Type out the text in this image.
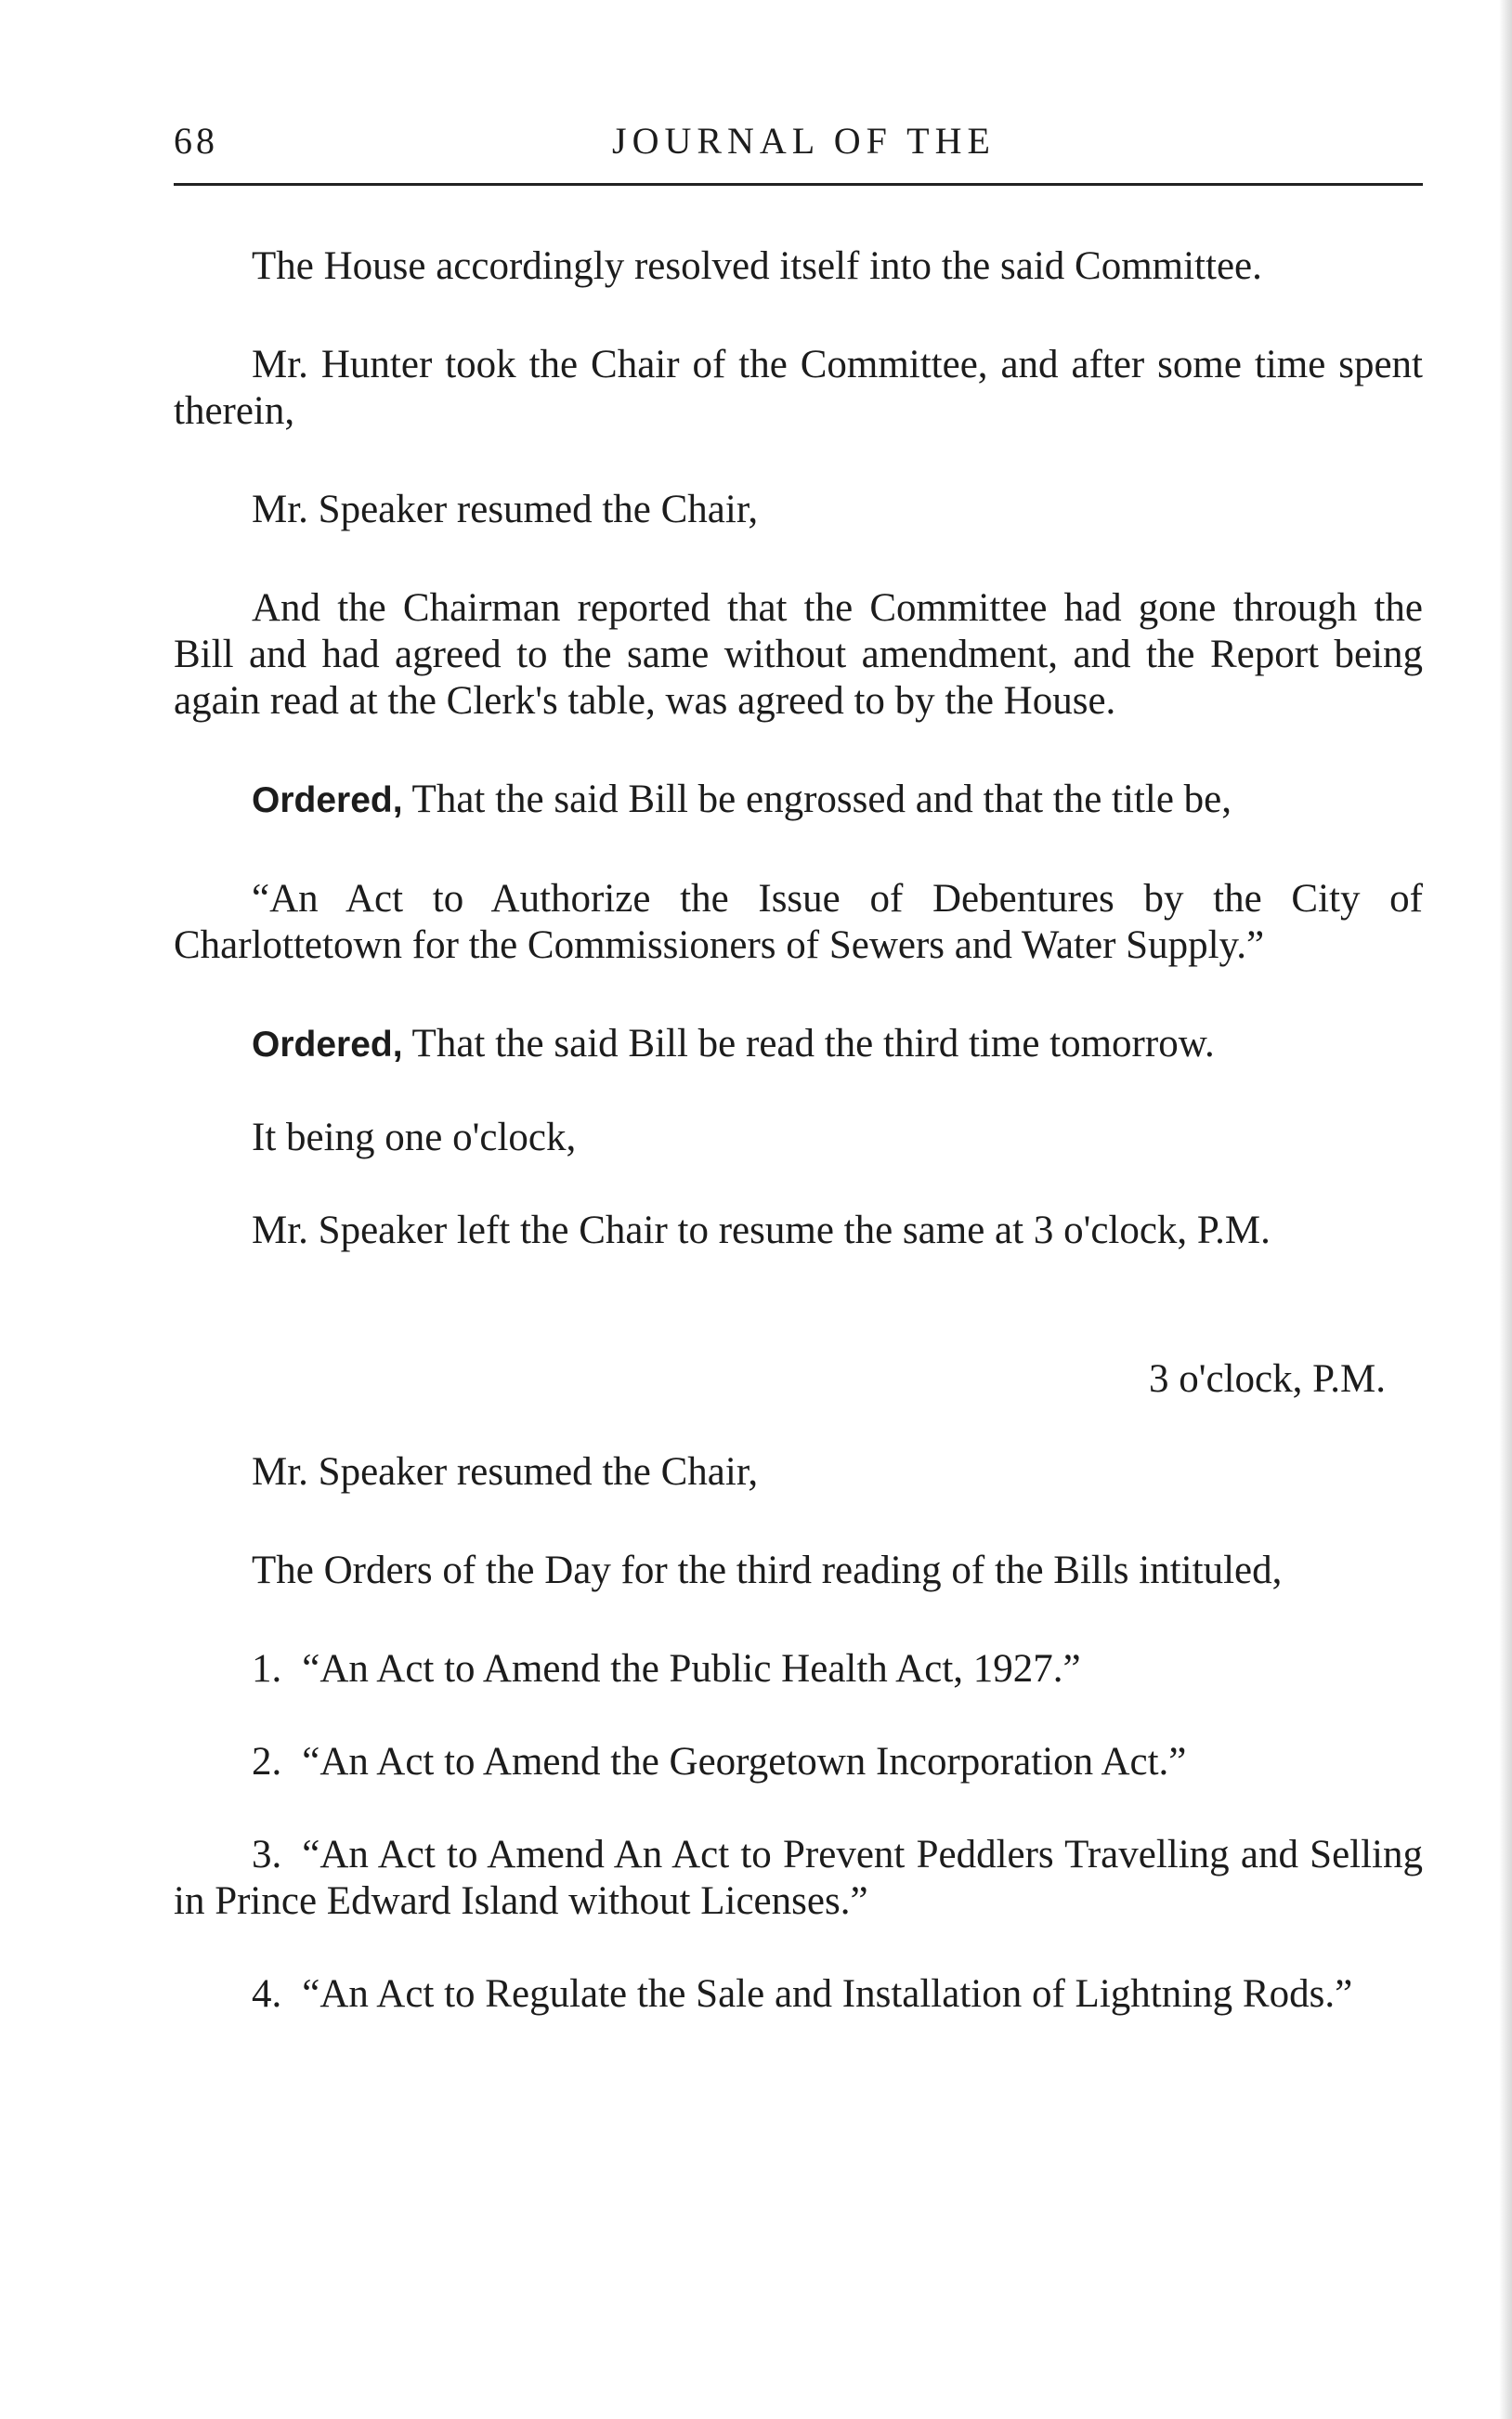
68	JOURNAL OF THE

The House accordingly resolved itself into the said Committee.

Mr. Hunter took the Chair of the Committee, and after some time spent therein,

Mr. Speaker resumed the Chair,

And the Chairman reported that the Committee had gone through the Bill and had agreed to the same without amendment, and the Report being again read at the Clerk's table, was agreed to by the House.

Ordered, That the said Bill be engrossed and that the title be,

“An Act to Authorize the Issue of Debentures by the City of Charlottetown for the Commissioners of Sewers and Water Supply.”

Ordered, That the said Bill be read the third time tomorrow.

It being one o'clock,

Mr. Speaker left the Chair to resume the same at 3 o'clock, P.M.

3 o'clock, P.M.

Mr. Speaker resumed the Chair,

The Orders of the Day for the third reading of the Bills intituled,

1. “An Act to Amend the Public Health Act, 1927.”

2. “An Act to Amend the Georgetown Incorporation Act.”

3. “An Act to Amend An Act to Prevent Peddlers Travelling and Selling in Prince Edward Island without Licenses.”

4. “An Act to Regulate the Sale and Installation of Lightning Rods.”
